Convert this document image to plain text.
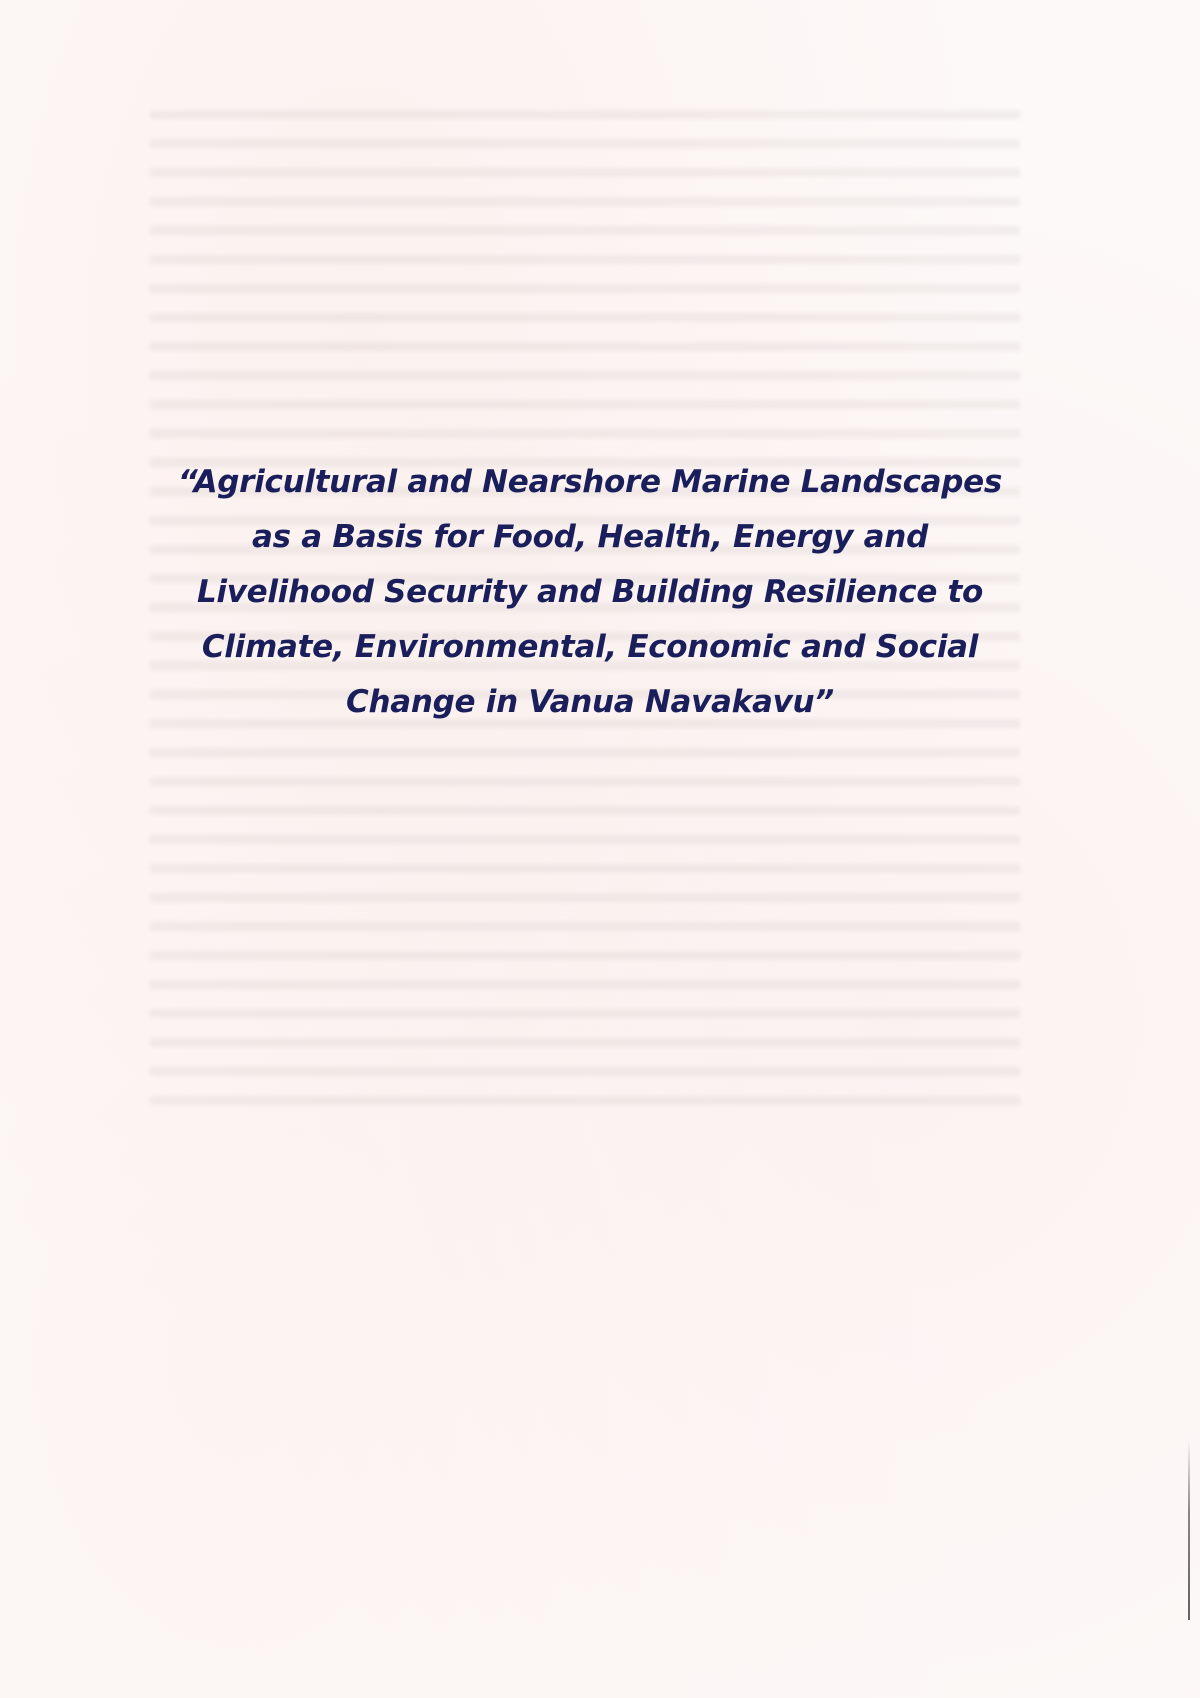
“Agricultural and Nearshore Marine Landscapes
as a Basis for Food, Health, Energy and
Livelihood Security and Building Resilience to
Climate, Environmental, Economic and Social
Change in Vanua Navakavu”
